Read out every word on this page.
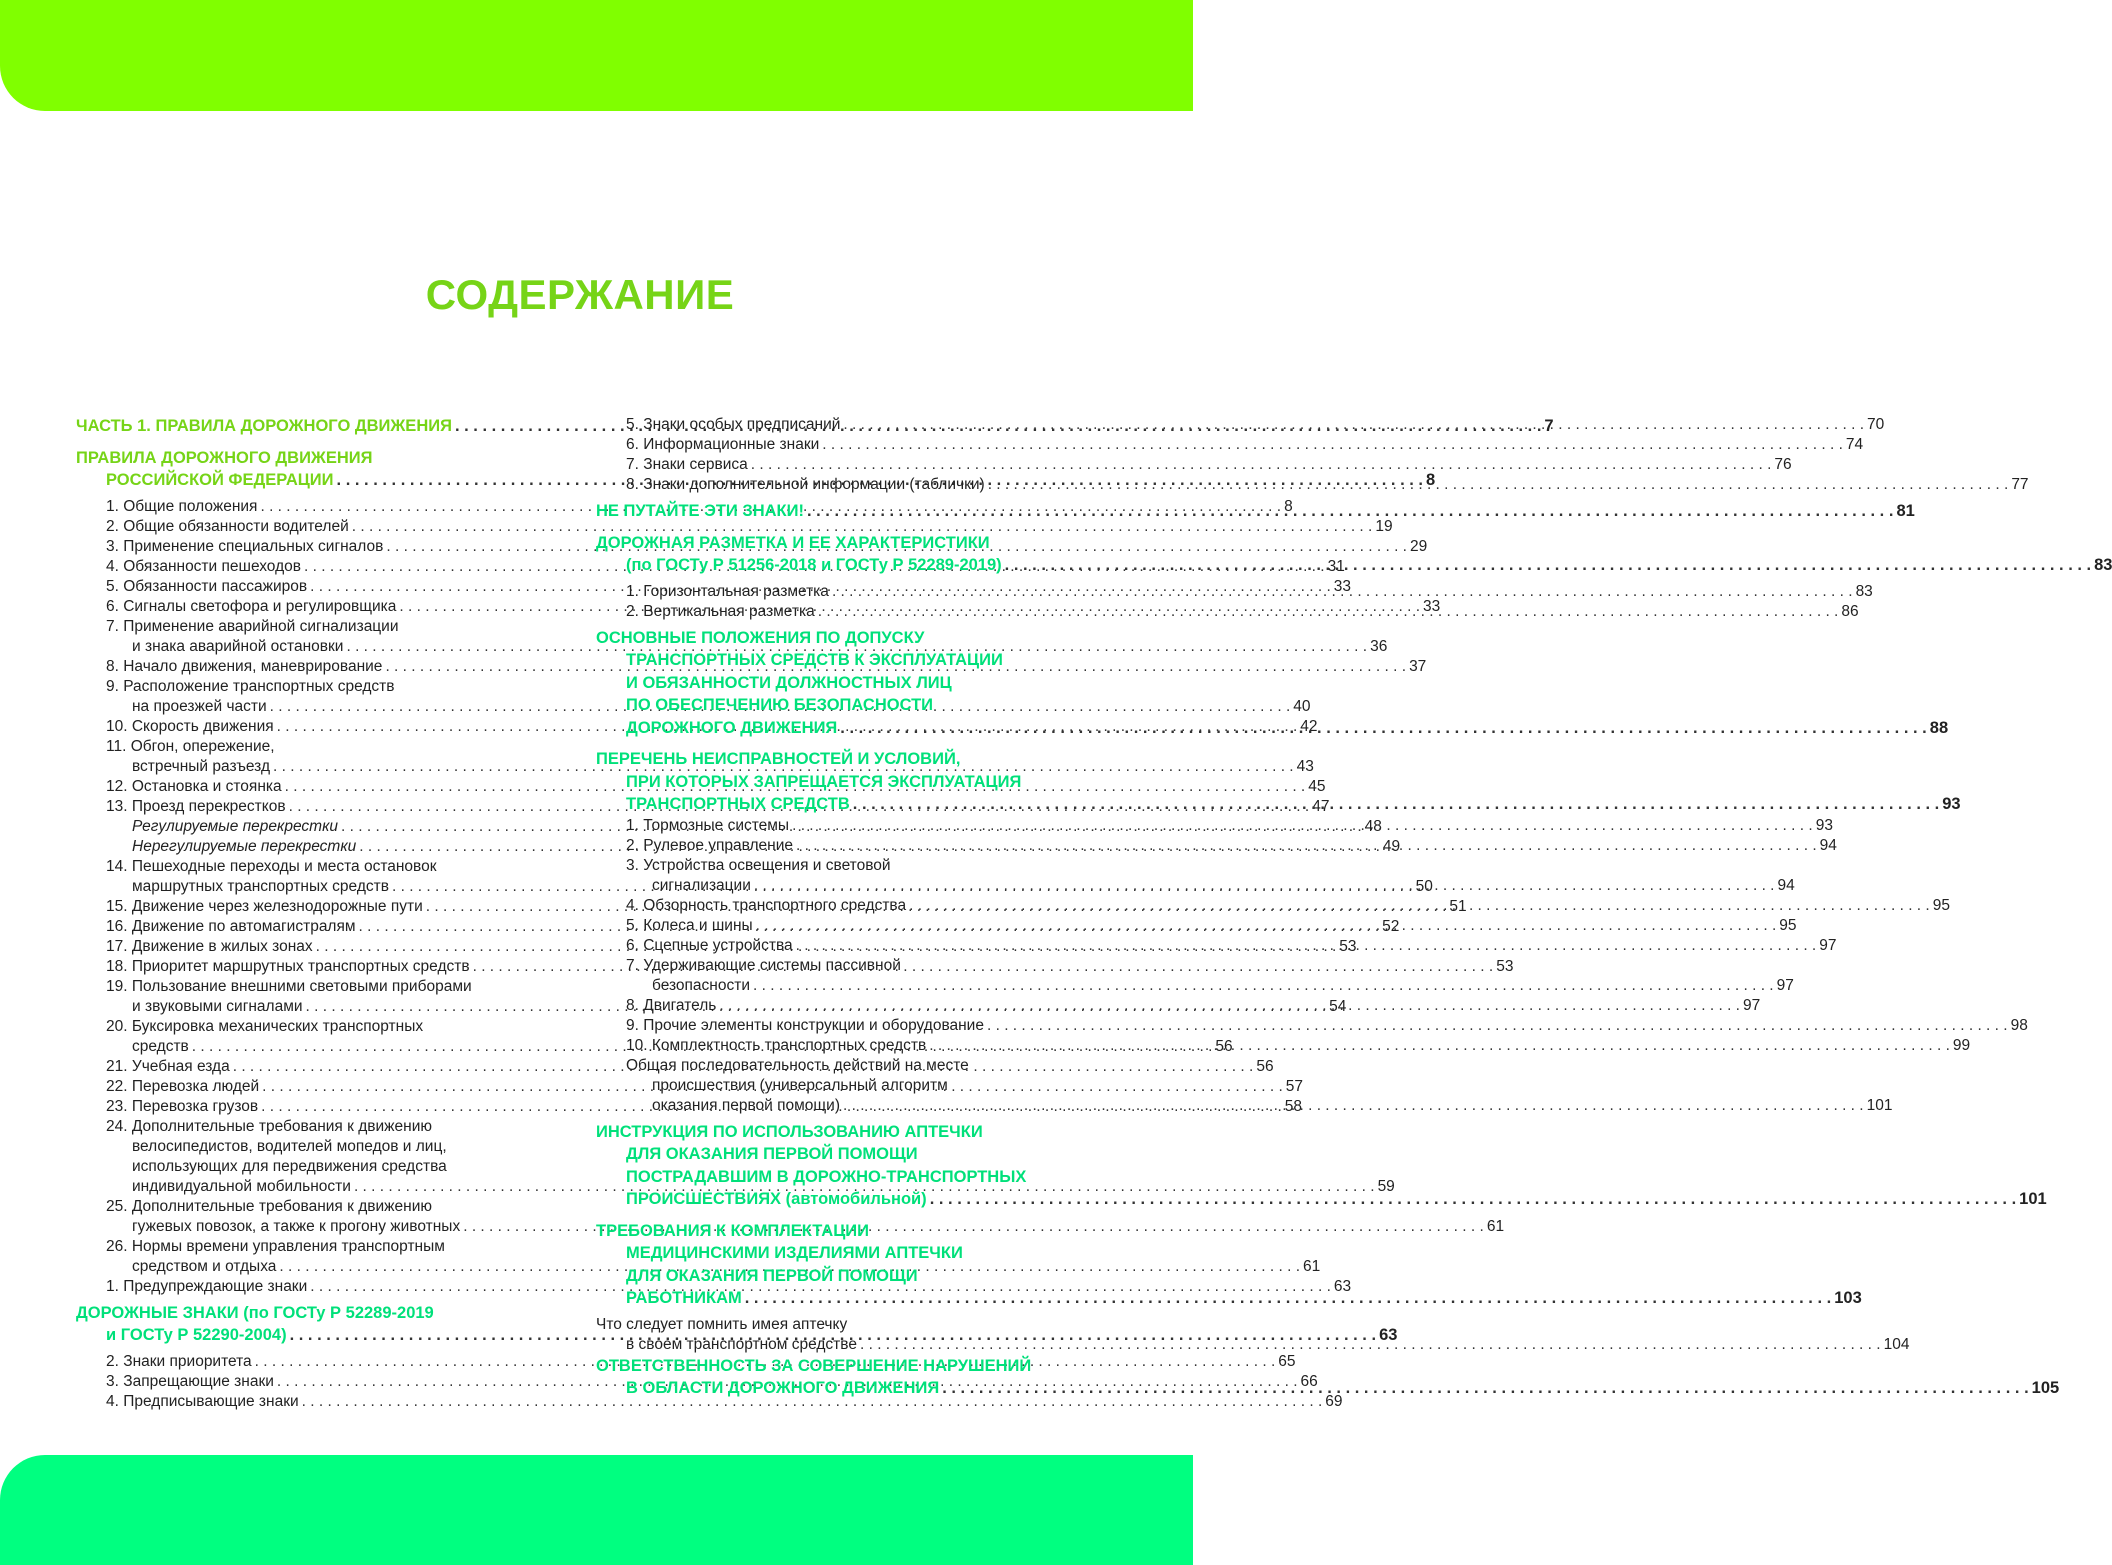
СОДЕРЖАНИЕ
ЧАСТЬ 1. ПРАВИЛА ДОРОЖНОГО ДВИЖЕНИЯ . . .	7
ПРАВИЛА ДОРОЖНОГО ДВИЖЕНИЯ
РОССИЙСКОЙ ФЕДЕРАЦИИ . . .	8
1. Общие положения . . .	8
2. Общие обязанности водителей . . .	19
3. Применение специальных сигналов . . .	29
4. Обязанности пешеходов . . .	31
5. Обязанности пассажиров . . .	33
6. Сигналы светофора и регулировщика . . .	33
7. Применение аварийной сигнализации
и знака аварийной остановки . . .	36
8. Начало движения, маневрирование . . .	37
9. Расположение транспортных средств
на проезжей части . . .	40
10. Скорость движения . . .	42
11. Обгон, опережение,
встречный разъезд . . .	43
12. Остановка и стоянка . . .	45
13. Проезд перекрестков . . .	47
Регулируемые перекрестки . . .	48
Нерегулируемые перекрестки . . .	49
14. Пешеходные переходы и места остановок
маршрутных транспортных средств . . .	50
15. Движение через железнодорожные пути . . .	51
16. Движение по автомагистралям . . .	52
17. Движение в жилых зонах . . .	53
18. Приоритет маршрутных транспортных средств . . .	53
19. Пользование внешними световыми приборами
и звуковыми сигналами . . .	54
20. Буксировка механических транспортных
средств . . .	56
21. Учебная езда . . .	56
22. Перевозка людей . . .	57
23. Перевозка грузов . . .	58
24. Дополнительные требования к движению
велосипедистов, водителей мопедов и лиц,
использующих для передвижения средства
индивидуальной мобильности . . .	59
25. Дополнительные требования к движению
гужевых повозок, а также к прогону животных . . .	61
26. Нормы времени управления транспортным
средством и отдыха . . .	61
1. Предупреждающие знаки . . .	63
ДОРОЖНЫЕ ЗНАКИ (по ГОСТу Р 52289-2019
и ГОСТу Р 52290-2004) . . .	63
2. Знаки приоритета . . .	65
3. Запрещающие знаки . . .	66
4. Предписывающие знаки . . .	69
5. Знаки особых предписаний . . .	70
6. Информационные знаки . . .	74
7. Знаки сервиса . . .	76
8. Знаки дополнительной информации (таблички) . . .	77
НЕ ПУТАЙТЕ ЭТИ ЗНАКИ! . . .	81
ДОРОЖНАЯ РАЗМЕТКА И ЕЕ ХАРАКТЕРИСТИКИ
(по ГОСТу Р 51256-2018 и ГОСТу Р 52289-2019) . . .	83
1. Горизонтальная разметка . . .	83
2. Вертикальная разметка . . .	86
ОСНОВНЫЕ ПОЛОЖЕНИЯ ПО ДОПУСКУ
ТРАНСПОРТНЫХ СРЕДСТВ К ЭКСПЛУАТАЦИИ
И ОБЯЗАННОСТИ ДОЛЖНОСТНЫХ ЛИЦ
ПО ОБЕСПЕЧЕНИЮ БЕЗОПАСНОСТИ
ДОРОЖНОГО ДВИЖЕНИЯ . . .	88
ПЕРЕЧЕНЬ НЕИСПРАВНОСТЕЙ И УСЛОВИЙ,
ПРИ КОТОРЫХ ЗАПРЕЩАЕТСЯ ЭКСПЛУАТАЦИЯ
ТРАНСПОРТНЫХ СРЕДСТВ . . .	93
1. Тормозные системы . . .	93
2. Рулевое управление . . .	94
3. Устройства освещения и световой
сигнализации . . .	94
4. Обзорность транспортного средства . . .	95
5. Колеса и шины . . .	95
6. Сцепные устройства . . .	97
7. Удерживающие системы пассивной
безопасности . . .	97
8. Двигатель . . .	97
9. Прочие элементы конструкции и оборудование . . .	98
10. Комплектность транспортных средств . . .	99
Общая последовательность действий на месте
происшествия (универсальный алгоритм
оказания первой помощи) . . .	101
ИНСТРУКЦИЯ ПО ИСПОЛЬЗОВАНИЮ АПТЕЧКИ
ДЛЯ ОКАЗАНИЯ ПЕРВОЙ ПОМОЩИ
ПОСТРАДАВШИМ В ДОРОЖНО-ТРАНСПОРТНЫХ
ПРОИСШЕСТВИЯХ (автомобильной) . . .	101
ТРЕБОВАНИЯ К КОМПЛЕКТАЦИИ
МЕДИЦИНСКИМИ ИЗДЕЛИЯМИ АПТЕЧКИ
ДЛЯ ОКАЗАНИЯ ПЕРВОЙ ПОМОЩИ
РАБОТНИКАМ . . .	103
Что следует помнить имея аптечку
в своем транспортном средстве . . .	104
ОТВЕТСТВЕННОСТЬ ЗА СОВЕРШЕНИЕ НАРУШЕНИЙ
В ОБЛАСТИ ДОРОЖНОГО ДВИЖЕНИЯ . . .	105
